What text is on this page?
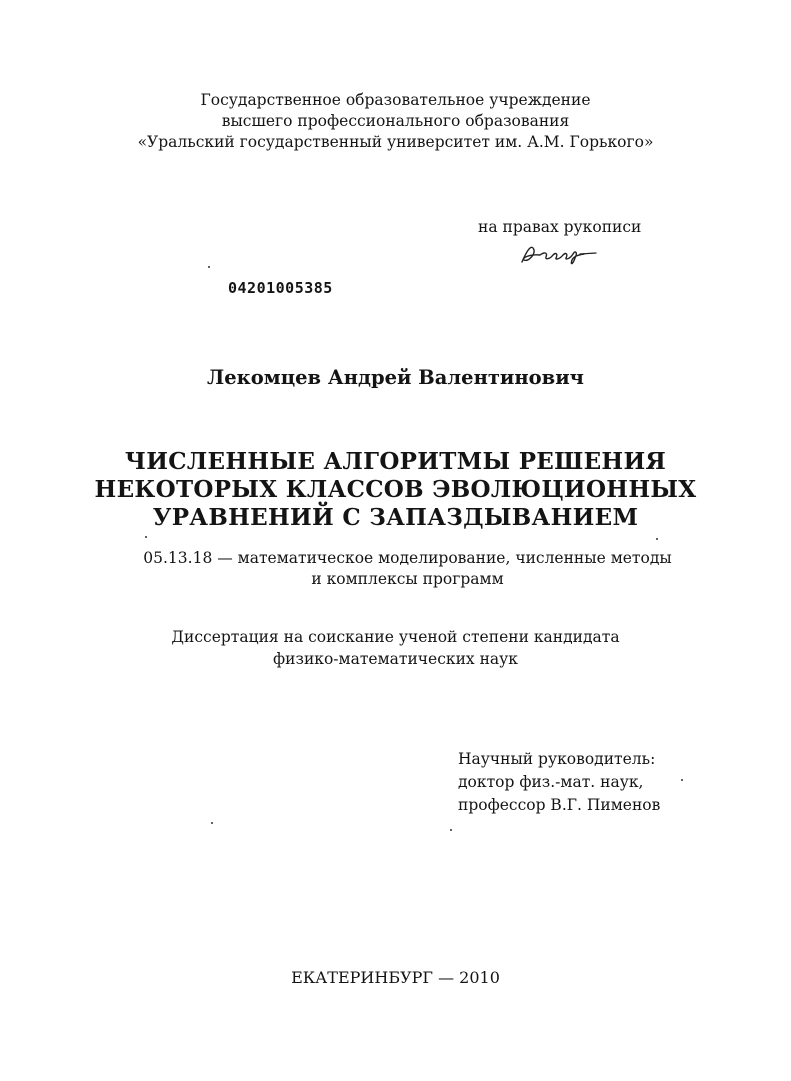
Государственное образовательное учреждение
высшего профессионального образования
«Уральский государственный университет им. А.М. Горького»
на правах рукописи
04201005385
Лекомцев Андрей Валентинович
ЧИСЛЕННЫЕ АЛГОРИТМЫ РЕШЕНИЯ
НЕКОТОРЫХ КЛАССОВ ЭВОЛЮЦИОННЫХ
УРАВНЕНИЙ С ЗАПАЗДЫВАНИЕМ
05.13.18 — математическое моделирование, численные методы
и комплексы программ
Диссертация на соискание ученой степени кандидата
физико-математических наук
Научный руководитель:
доктор физ.-мат. наук,
профессор В.Г. Пименов
ЕКАТЕРИНБУРГ — 2010
